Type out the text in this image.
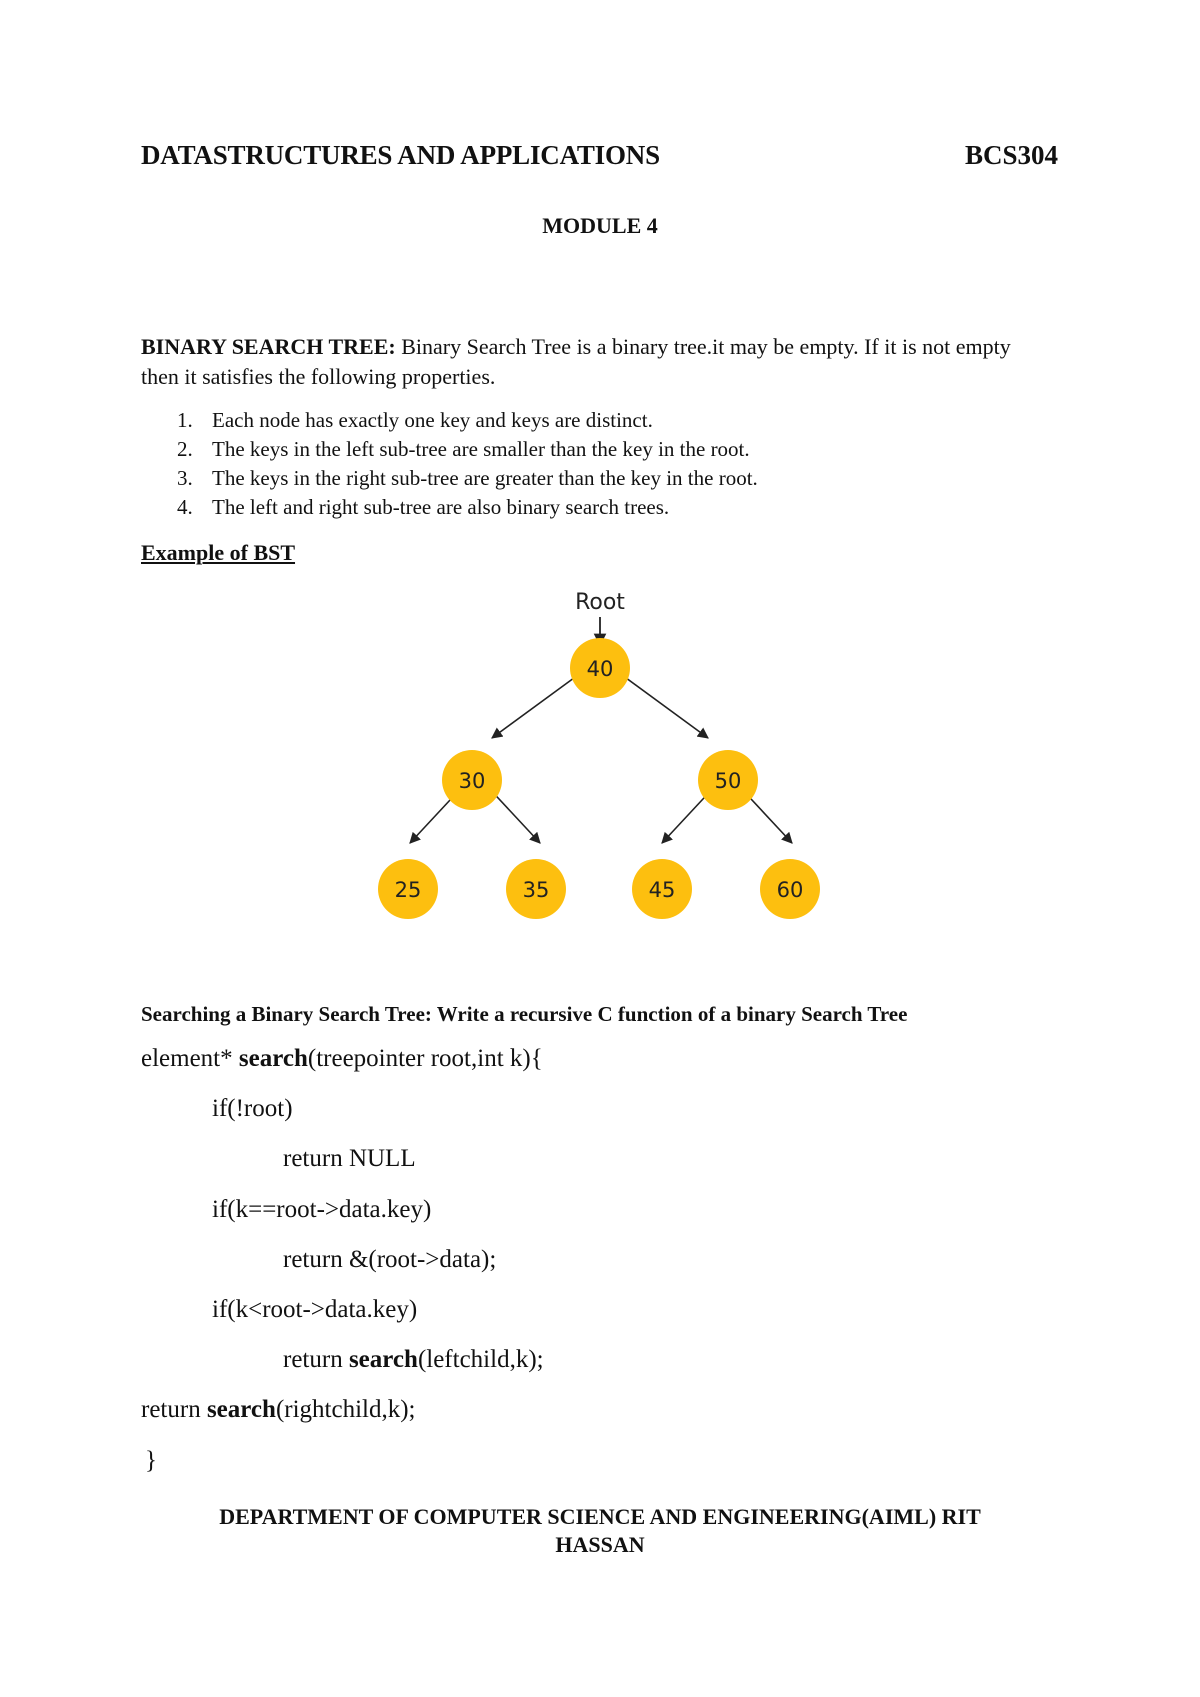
DATASTRUCTURES AND APPLICATIONS	BCS304
MODULE 4

BINARY SEARCH TREE: Binary Search Tree is a binary tree.it may be empty. If it is not empty then it satisfies the following properties.

1. Each node has exactly one key and keys are distinct.
2. The keys in the left sub-tree are smaller than the key in the root.
3. The keys in the right sub-tree are greater than the key in the root.
4. The left and right sub-tree are also binary search trees.
Example of BST
Root
40
30	50
25	35	45	60
Searching a Binary Search Tree: Write a recursive C function of a binary Search Tree
element* search(treepointer root,int k){
if(!root)
return NULL
if(k==root->data.key)
return &(root->data);
if(k<root->data.key)
return search(leftchild,k);
return search(rightchild,k);
}
DEPARTMENT OF COMPUTER SCIENCE AND ENGINEERING(AIML) RIT
HASSAN
